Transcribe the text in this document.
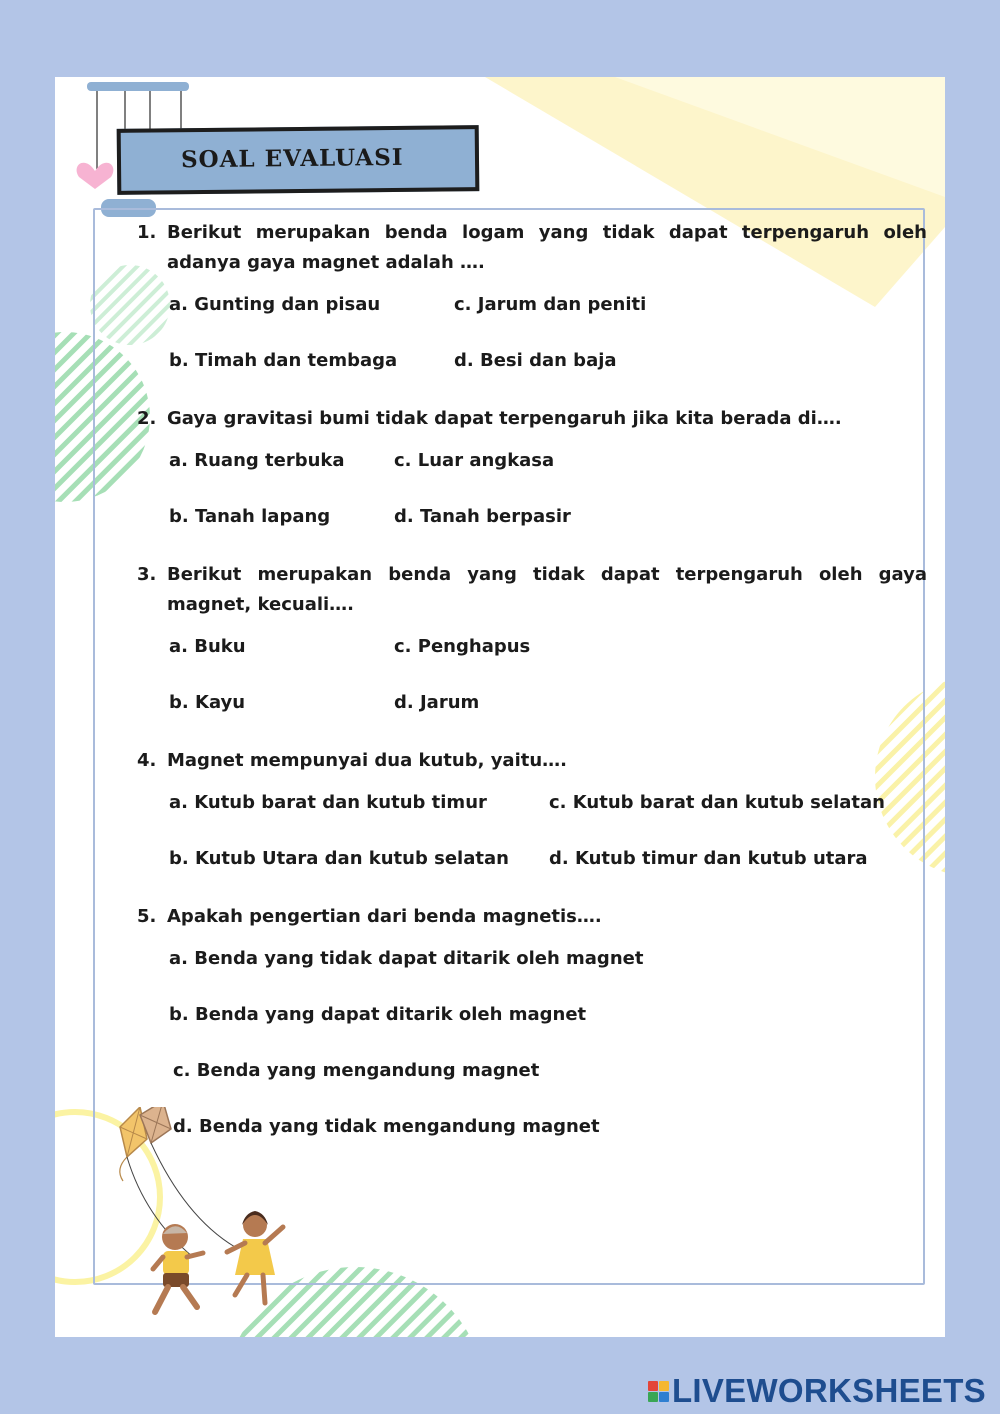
SOAL EVALUASI
1. Berikut merupakan benda logam yang tidak dapat terpengaruh oleh adanya gaya magnet adalah ….
a. Gunting dan pisau	c. Jarum dan peniti
b. Timah dan tembaga	d. Besi dan baja
2. Gaya gravitasi bumi tidak dapat terpengaruh jika kita berada di….
a. Ruang terbuka	c. Luar angkasa
b. Tanah lapang	d. Tanah berpasir
3. Berikut merupakan benda yang tidak dapat terpengaruh oleh gaya magnet, kecuali….
a. Buku	c. Penghapus
b. Kayu	d. Jarum
4. Magnet mempunyai dua kutub, yaitu….
a. Kutub barat dan kutub timur	c. Kutub barat dan kutub selatan
b. Kutub Utara dan kutub selatan d. Kutub timur dan kutub utara
5. Apakah pengertian dari benda magnetis….
a. Benda yang tidak dapat ditarik oleh magnet
b. Benda yang dapat ditarik oleh magnet
c. Benda yang mengandung magnet
d. Benda yang tidak mengandung magnet
LIVEWORKSHEETS
